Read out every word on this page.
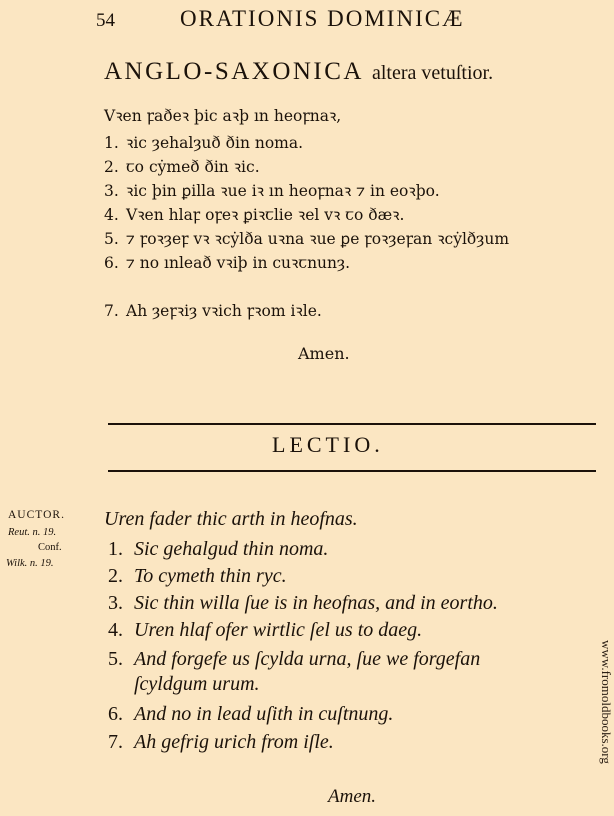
54	ORATIONIS DOMINICÆ
ANGLO-SAXONICA altera vetuſtior.
Vꝛen ꝼaðeꝛ þic aꝛþ ın heoꝼnaꝛ,
1. ꝛic ȝehalȝuð ðin noma.
2. ꞇo cẏmeð ðin ꝛic.
3. ꝛic þin ꝑilla ꝛue iꝛ ın heoꝼnaꝛ ⁊ in eoꝛþo.
4. Vꝛen hlaꝼ oꝼeꝛ ꝑiꝛꞇlie ꝛel vꝛ ꞇo ðæꝛ.
5. ⁊ ꝼoꝛȝeꝼ vꝛ ꝛcẏlða uꝛna ꝛue ꝑe ꝼoꝛȝeꝼan ꝛcẏlðȝum
6. ⁊ no ınleað vꝛiþ in cuꝛꞇnunȝ.
7. Ah ȝeꝼꝛiȝ vꝛich ꝼꝛom iꝛle.
Amen.
LECTIO.
AUCTOR.
Reut. n. 19.
Conf.
Wilk. n. 19.
Uren fader thic arth in heofnas.
1. Sic gehalgud thin noma.
2. To cymeth thin ryc.
3. Sic thin willa ſue is in heofnas, and in eortho.
4. Uren hlaf ofer wirtlic ſel us to daeg.
5. And forgefe us ſcylda urna, ſue we forgefan
ſcyldgum urum.
6. And no in lead uſith in cuſtnung.
7. Ah gefrig urich from iſle.
Amen.
www.fromoldbooks.org
